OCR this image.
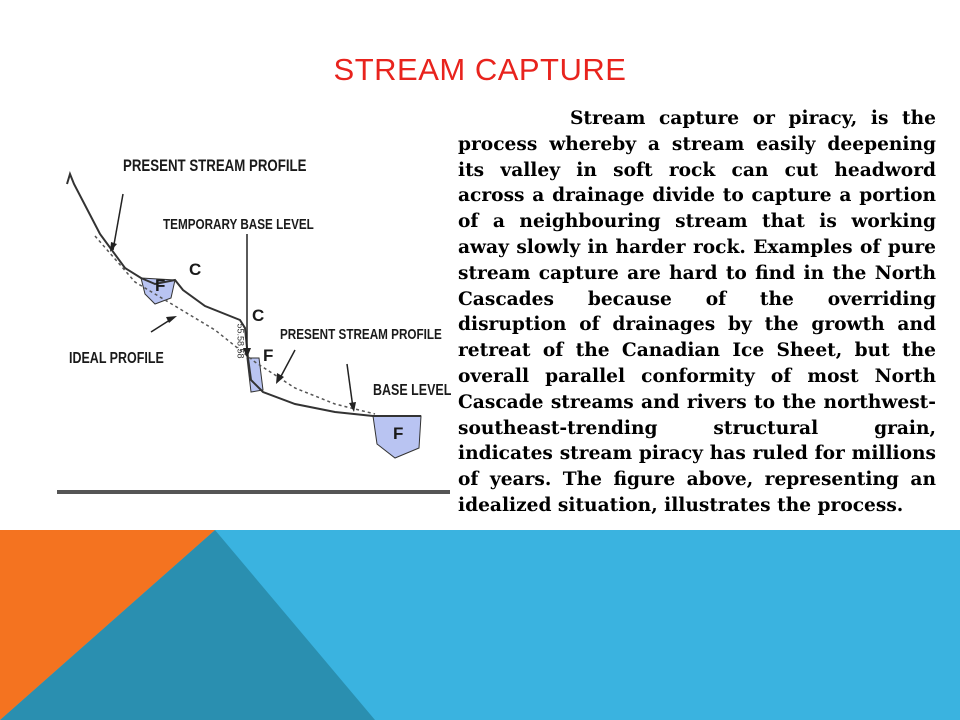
STREAM CAPTURE
PRESENT STREAM PROFILE
TEMPORARY BASE LEVEL
PRESENT STREAM PROFILE
IDEAL PROFILE
BASE LEVEL
C
C
F
F
F
55.58.58
Stream capture or piracy, is the process whereby a stream easily deepening its valley in soft rock can cut headword across a drainage divide to capture a portion of a neighbouring stream that is working away slowly in harder rock. Examples of pure stream capture are hard to find in the North Cascades because of the overriding disruption of drainages by the growth and retreat of the Canadian Ice Sheet, but the overall parallel conformity of most North Cascade streams and rivers to the northwest-southeast-trending structural grain, indicates stream piracy has ruled for millions of years. The figure above, representing an idealized situation, illustrates the process.
